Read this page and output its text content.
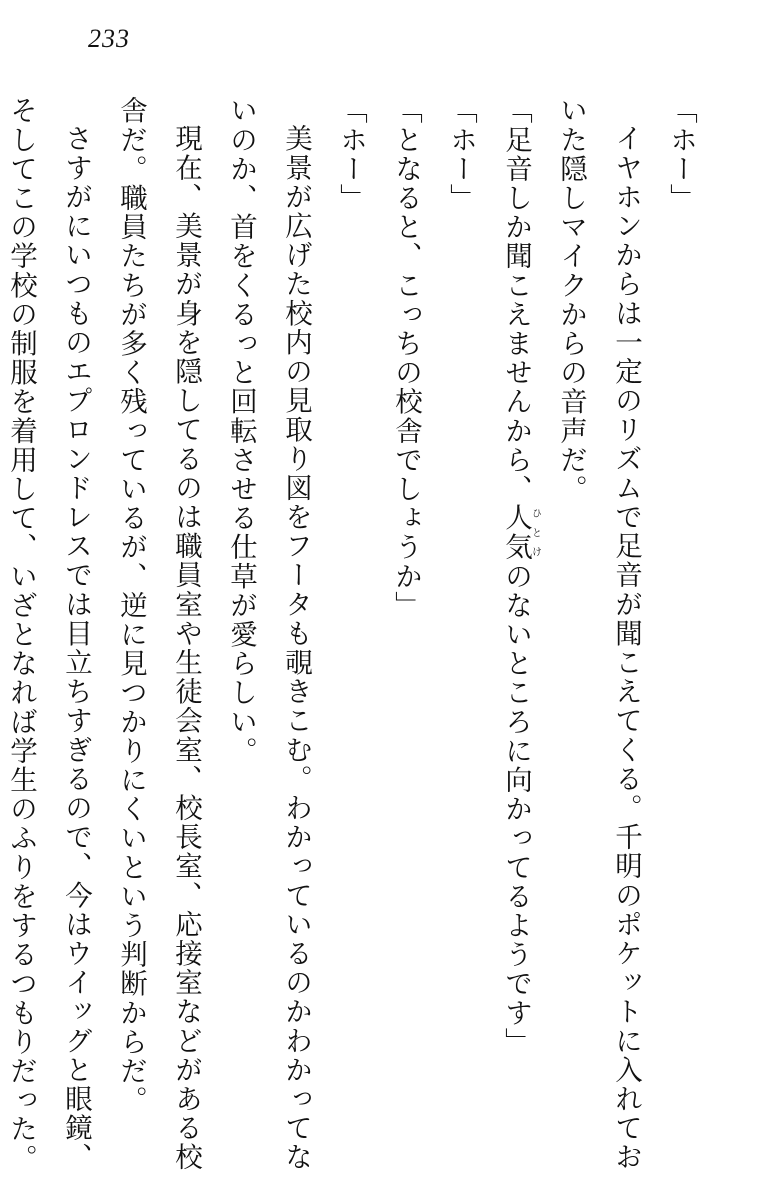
233

「ホー」

イヤホンからは一定のリズムで足音が聞こえてくる。千明のポケットに入れておいた隠しマイクからの音声だ。

「足音しか聞こえませんから、人気ひとけのないところに向かってるようです」

「ホー」

「となると、こっちの校舎でしょうか」

「ホー」

美景が広げた校内の見取り図をフータも覗きこむ。わかっているのかわかってないのか、首をくるっと回転させる仕草が愛らしい。

現在、美景が身を隠してるのは職員室や生徒会室、校長室、応接室などがある校舎だ。職員たちが多く残っているが、逆に見つかりにくいという判断からだ。

さすがにいつものエプロンドレスでは目立ちすぎるので、今はウイッグと眼鏡、そしてこの学校の制服を着用して、いざとなれば学生のふりをするつもりだった。
